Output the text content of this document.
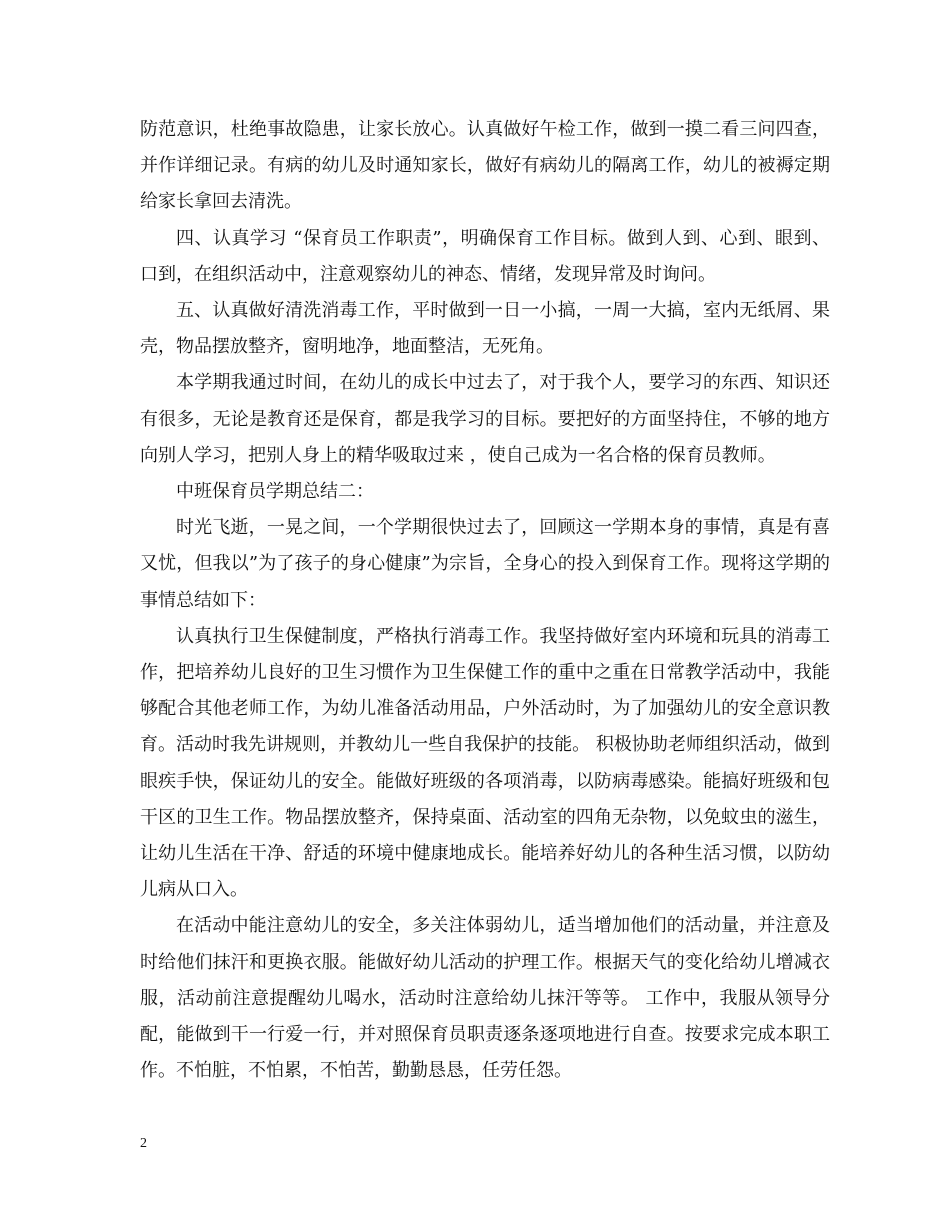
防范意识，杜绝事故隐患，让家长放心。认真做好午检工作，做到一摸二看三问四查，并作详细记录。有病的幼儿及时通知家长，做好有病幼儿的隔离工作，幼儿的被褥定期给家长拿回去清洗。

四、认真学习 “保育员工作职责”，明确保育工作目标。做到人到、心到、眼到、口到，在组织活动中，注意观察幼儿的神态、情绪，发现异常及时询问。

五、认真做好清洗消毒工作，平时做到一日一小搞，一周一大搞，室内无纸屑、果壳，物品摆放整齐，窗明地净，地面整洁，无死角。

本学期我通过时间，在幼儿的成长中过去了，对于我个人，要学习的东西、知识还有很多，无论是教育还是保育，都是我学习的目标。要把好的方面坚持住，不够的地方向别人学习，把别人身上的精华吸取过来 ，使自己成为一名合格的保育员教师。

中班保育员学期总结二：

时光飞逝，一晃之间，一个学期很快过去了，回顾这一学期本身的事情，真是有喜又忧，但我以”为了孩子的身心健康”为宗旨，全身心的投入到保育工作。现将这学期的事情总结如下：

认真执行卫生保健制度，严格执行消毒工作。我坚持做好室内环境和玩具的消毒工作，把培养幼儿良好的卫生习惯作为卫生保健工作的重中之重在日常教学活动中，我能够配合其他老师工作，为幼儿准备活动用品，户外活动时，为了加强幼儿的安全意识教育。活动时我先讲规则，并教幼儿一些自我保护的技能。 积极协助老师组织活动，做到眼疾手快，保证幼儿的安全。能做好班级的各项消毒，以防病毒感染。能搞好班级和包干区的卫生工作。物品摆放整齐，保持桌面、活动室的四角无杂物，以免蚊虫的滋生，让幼儿生活在干净、舒适的环境中健康地成长。能培养好幼儿的各种生活习惯，以防幼儿病从口入。

在活动中能注意幼儿的安全，多关注体弱幼儿，适当增加他们的活动量，并注意及时给他们抹汗和更换衣服。能做好幼儿活动的护理工作。根据天气的变化给幼儿增减衣服，活动前注意提醒幼儿喝水，活动时注意给幼儿抹汗等等。 工作中，我服从领导分配，能做到干一行爱一行，并对照保育员职责逐条逐项地进行自查。按要求完成本职工作。不怕脏，不怕累，不怕苦，勤勤恳恳，任劳任怨。

2
